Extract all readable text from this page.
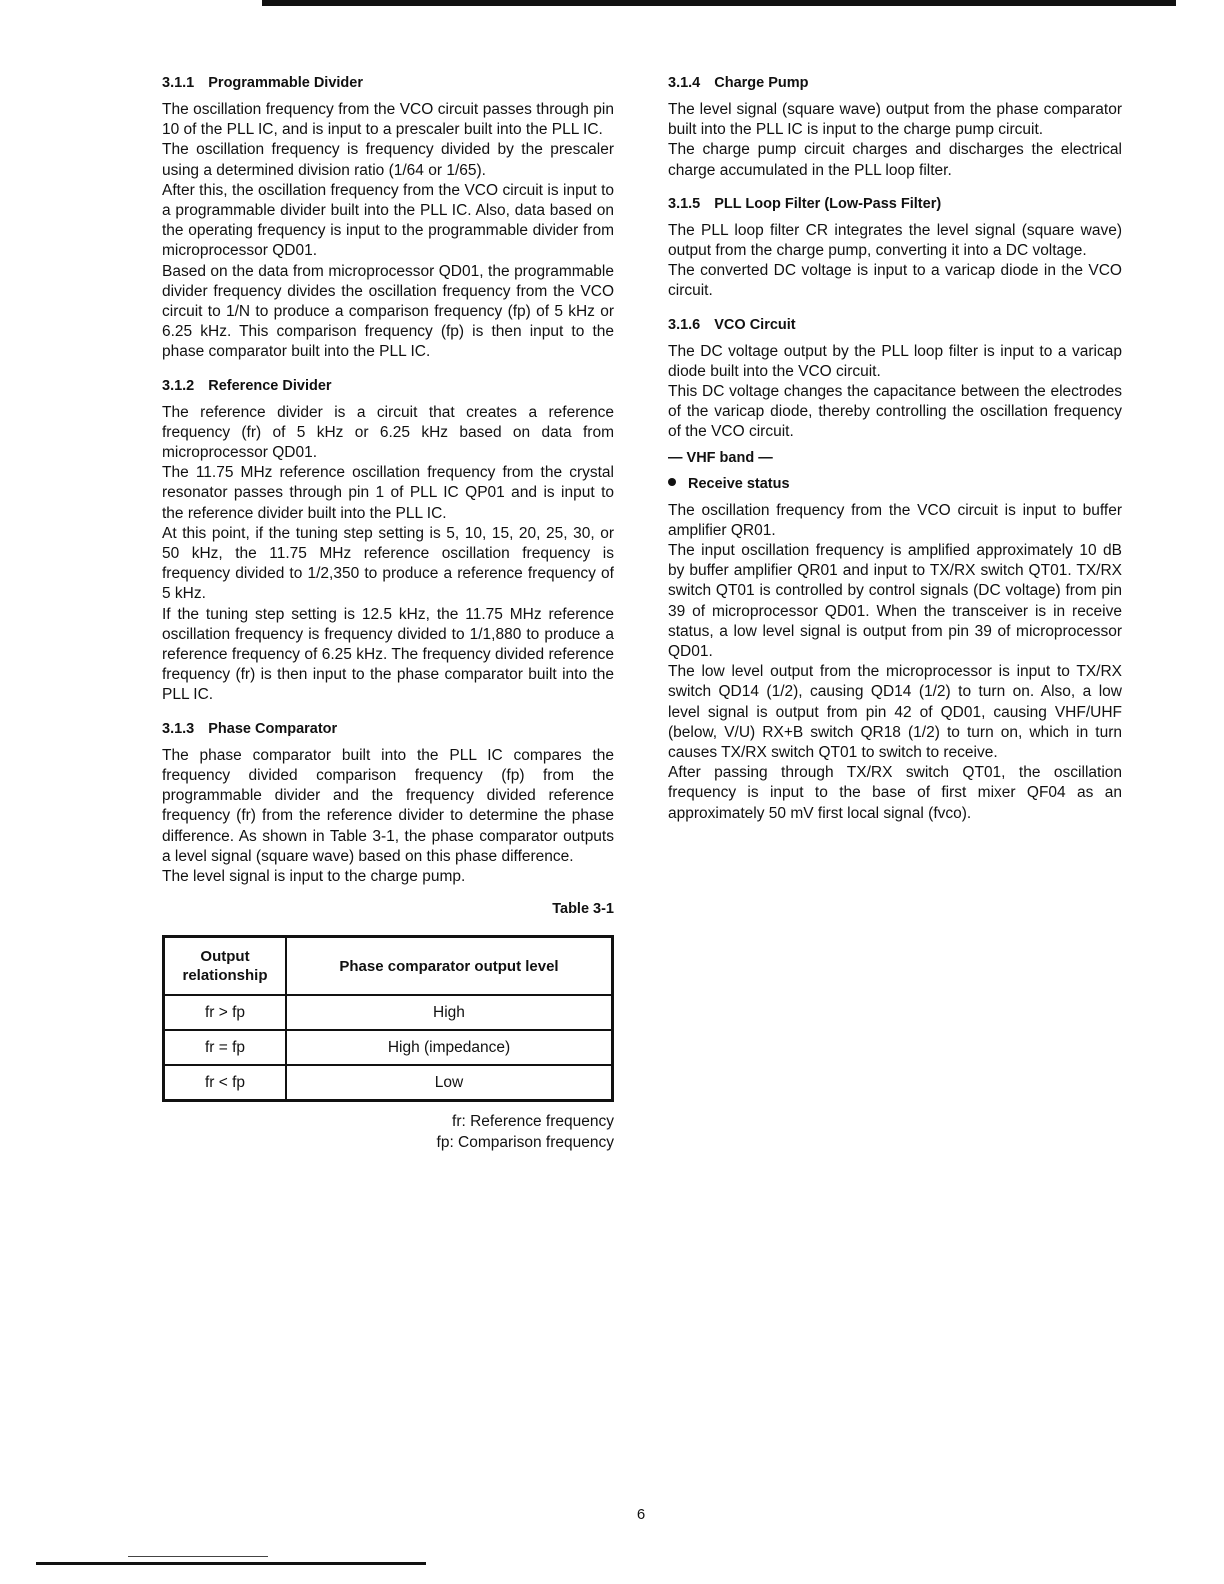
3.1.1 Programmable Divider

The oscillation frequency from the VCO circuit passes through pin 10 of the PLL IC, and is input to a prescaler built into the PLL IC.

The oscillation frequency is frequency divided by the prescaler using a determined division ratio (1/64 or 1/65).

After this, the oscillation frequency from the VCO circuit is input to a programmable divider built into the PLL IC. Also, data based on the operating frequency is input to the programmable divider from microprocessor QD01.

Based on the data from microprocessor QD01, the programmable divider frequency divides the oscillation frequency from the VCO circuit to 1/N to produce a comparison frequency (fp) of 5 kHz or 6.25 kHz. This comparison frequency (fp) is then input to the phase comparator built into the PLL IC.

3.1.2 Reference Divider

The reference divider is a circuit that creates a reference frequency (fr) of 5 kHz or 6.25 kHz based on data from microprocessor QD01.

The 11.75 MHz reference oscillation frequency from the crystal resonator passes through pin 1 of PLL IC QP01 and is input to the reference divider built into the PLL IC.

At this point, if the tuning step setting is 5, 10, 15, 20, 25, 30, or 50 kHz, the 11.75 MHz reference oscillation frequency is frequency divided to 1/2,350 to produce a reference frequency of 5 kHz.

If the tuning step setting is 12.5 kHz, the 11.75 MHz reference oscillation frequency is frequency divided to 1/1,880 to produce a reference frequency of 6.25 kHz. The frequency divided reference frequency (fr) is then input to the phase comparator built into the PLL IC.

3.1.3 Phase Comparator

The phase comparator built into the PLL IC compares the frequency divided comparison frequency (fp) from the programmable divider and the frequency divided reference frequency (fr) from the reference divider to determine the phase difference. As shown in Table 3-1, the phase comparator outputs a level signal (square wave) based on this phase difference.

The level signal is input to the charge pump.

Table 3-1
Output
relationship	Phase comparator output level
fr > fp	High
fr = fp	High (impedance)
fr < fp	Low
fr: Reference frequency
fp: Comparison frequency
3.1.4 Charge Pump

The level signal (square wave) output from the phase comparator built into the PLL IC is input to the charge pump circuit.

The charge pump circuit charges and discharges the electrical charge accumulated in the PLL loop filter.

3.1.5 PLL Loop Filter (Low-Pass Filter)

The PLL loop filter CR integrates the level signal (square wave) output from the charge pump, converting it into a DC voltage.

The converted DC voltage is input to a varicap diode in the VCO circuit.

3.1.6 VCO Circuit

The DC voltage output by the PLL loop filter is input to a varicap diode built into the VCO circuit.

This DC voltage changes the capacitance between the electrodes of the varicap diode, thereby controlling the oscillation frequency of the VCO circuit.

— VHF band —
Receive status

The oscillation frequency from the VCO circuit is input to buffer amplifier QR01.

The input oscillation frequency is amplified approximately 10 dB by buffer amplifier QR01 and input to TX/RX switch QT01. TX/RX switch QT01 is controlled by control signals (DC voltage) from pin 39 of microprocessor QD01. When the transceiver is in receive status, a low level signal is output from pin 39 of microprocessor QD01.

The low level output from the microprocessor is input to TX/RX switch QD14 (1/2), causing QD14 (1/2) to turn on. Also, a low level signal is output from pin 42 of QD01, causing VHF/UHF (below, V/U) RX+B switch QR18 (1/2) to turn on, which in turn causes TX/RX switch QT01 to switch to receive.

After passing through TX/RX switch QT01, the oscillation frequency is input to the base of first mixer QF04 as an approximately 50 mV first local signal (fvco).

6
